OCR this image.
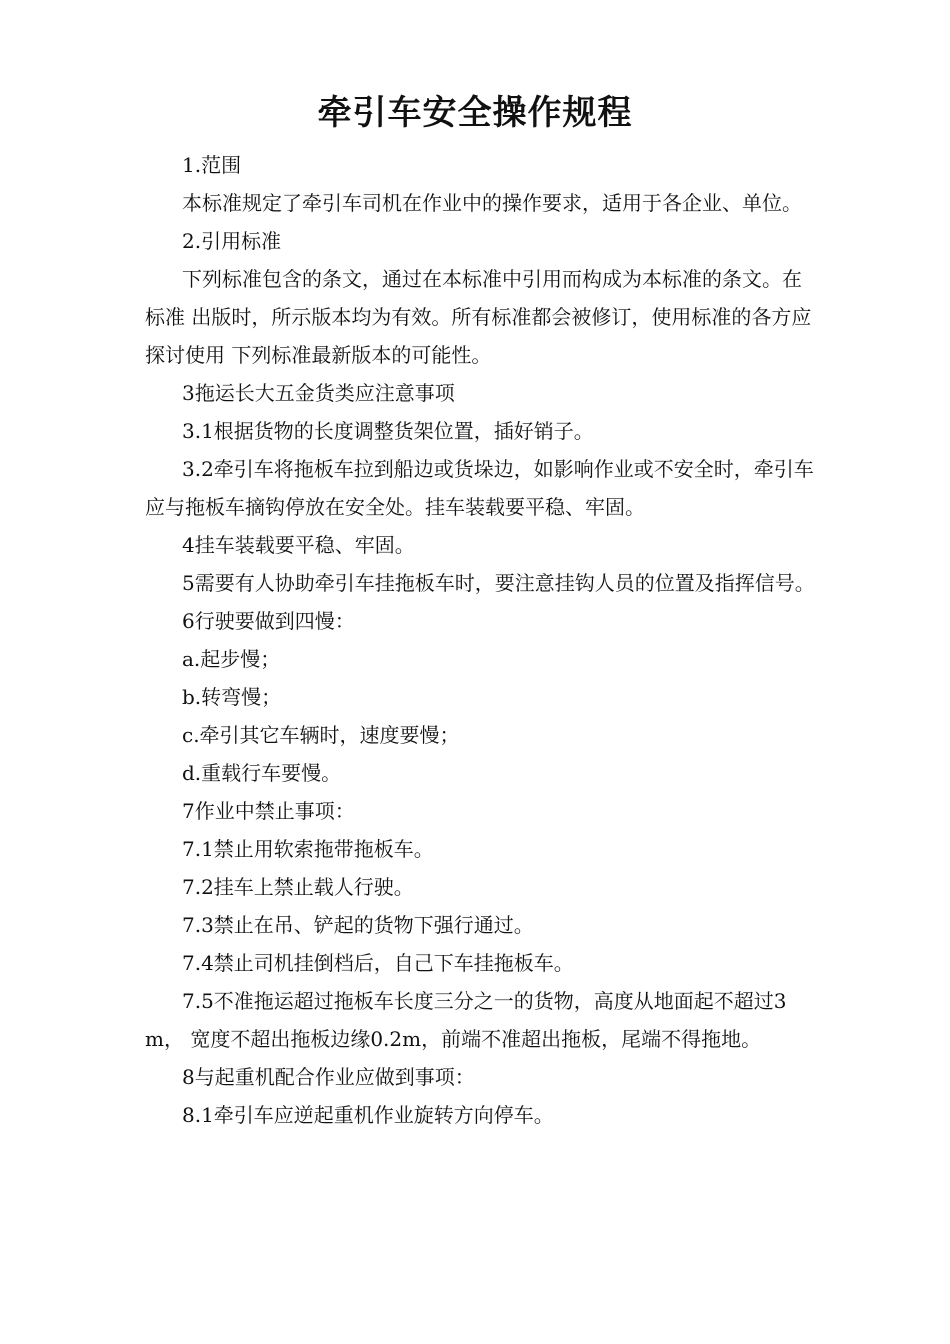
牵引车安全操作规程

1.范围

本标准规定了牵引车司机在作业中的操作要求，适用于各企业、单位。

2.引用标准

下列标准包含的条文，通过在本标准中引用而构成为本标准的条文。在标准 出版时，所示版本均为有效。所有标准都会被修订，使用标准的各方应探讨使用 下列标准最新版本的可能性。

3拖运长大五金货类应注意事项

3.1根据货物的长度调整货架位置，插好销子。

3.2牵引车将拖板车拉到船边或货垛边，如影响作业或不安全时，牵引车 应与拖板车摘钩停放在安全处。挂车装载要平稳、牢固。

4挂车装载要平稳、牢固。

5需要有人协助牵引车挂拖板车时，要注意挂钩人员的位置及指挥信号。

6行驶要做到四慢：

a.起步慢；

b.转弯慢；

c.牵引其它车辆时，速度要慢；

d.重载行车要慢。

7作业中禁止事项：

7.1禁止用软索拖带拖板车。

7.2挂车上禁止载人行驶。

7.3禁止在吊、铲起的货物下强行通过。

7.4禁止司机挂倒档后，自己下车挂拖板车。

7.5不准拖运超过拖板车长度三分之一的货物，高度从地面起不超过3m， 宽度不超出拖板边缘0.2m，前端不准超出拖板，尾端不得拖地。

8与起重机配合作业应做到事项：

8.1牵引车应逆起重机作业旋转方向停车。
